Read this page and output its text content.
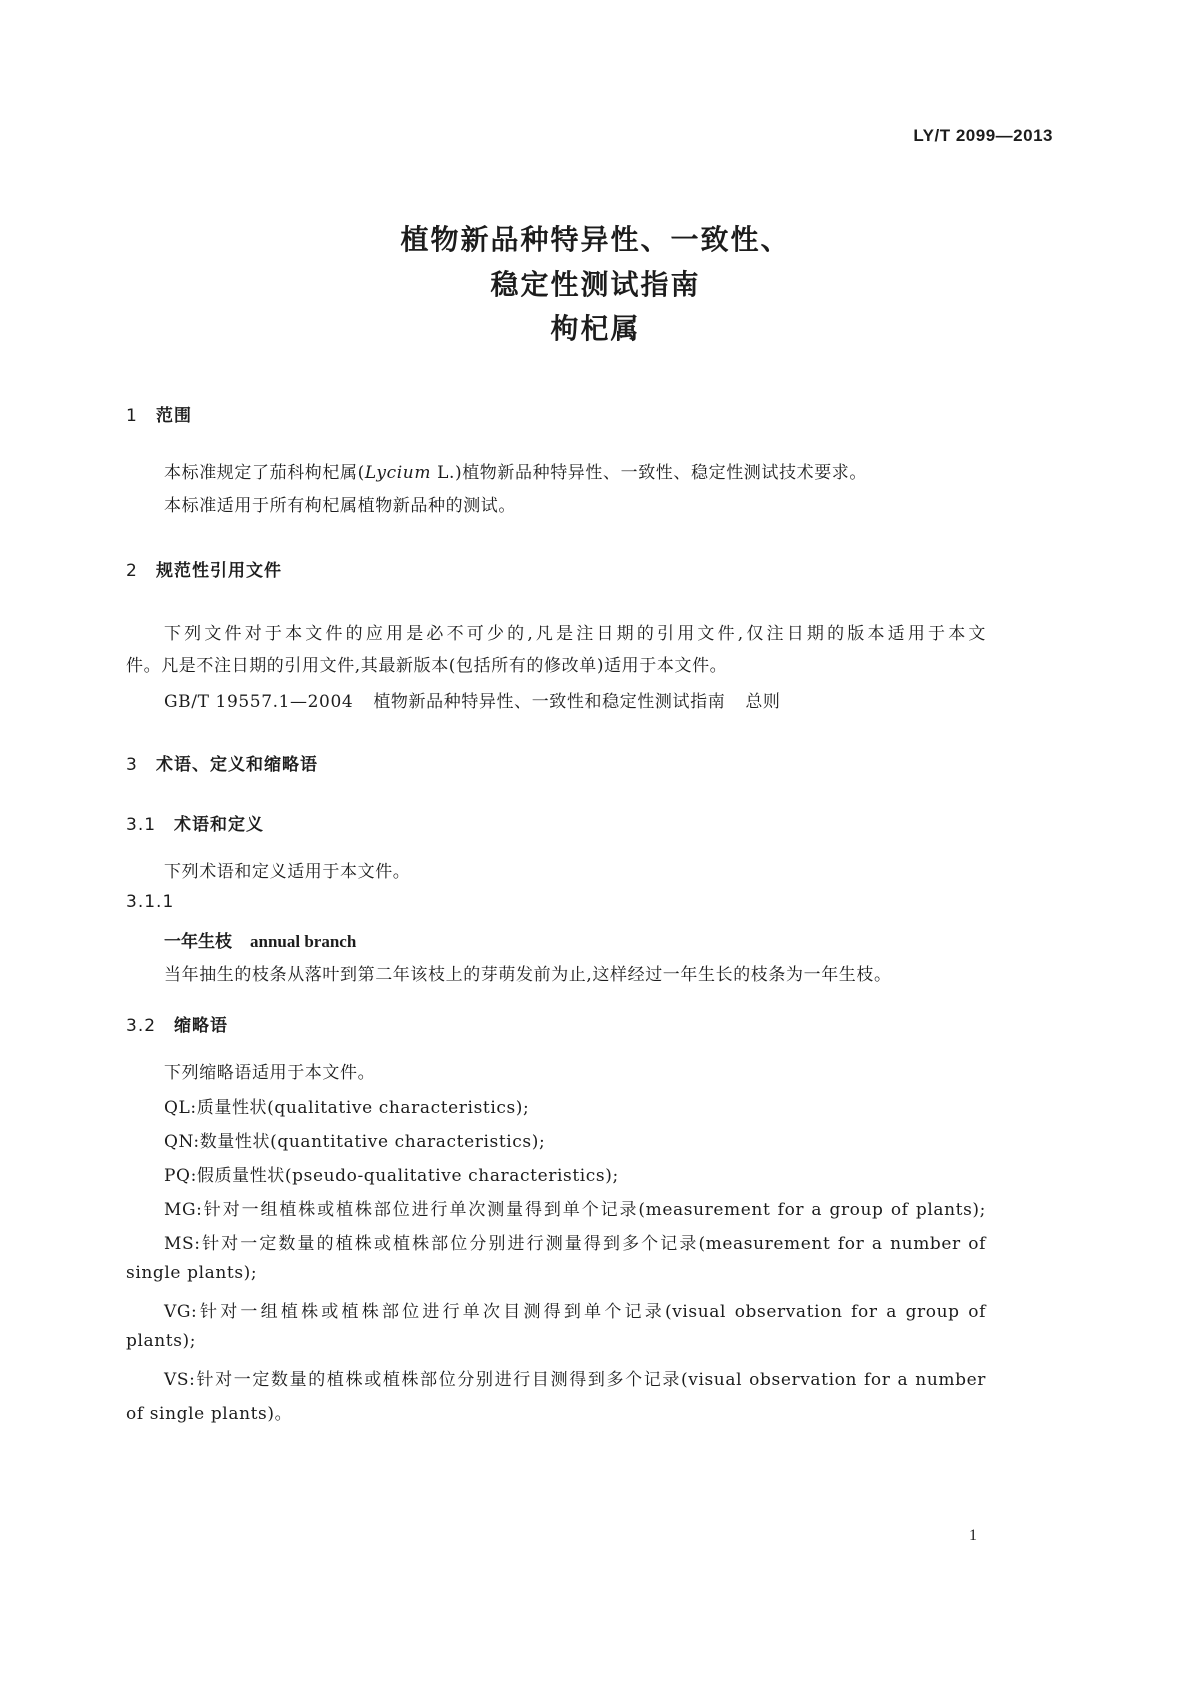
LY/T 2099—2013
植物新品种特异性、一致性、
稳定性测试指南
枸杞属
1 范围
本标准规定了茄科枸杞属(Lycium L.)植物新品种特异性、一致性、稳定性测试技术要求。
本标准适用于所有枸杞属植物新品种的测试。
2 规范性引用文件
下列文件对于本文件的应用是必不可少的,凡是注日期的引用文件,仅注日期的版本适用于本文
件。凡是不注日期的引用文件,其最新版本(包括所有的修改单)适用于本文件。
GB/T 19557.1—2004 植物新品种特异性、一致性和稳定性测试指南 总则
3 术语、定义和缩略语
3.1 术语和定义
下列术语和定义适用于本文件。
3.1.1
一年生枝 annual branch
当年抽生的枝条从落叶到第二年该枝上的芽萌发前为止,这样经过一年生长的枝条为一年生枝。
3.2 缩略语
下列缩略语适用于本文件。
QL:质量性状(qualitative characteristics);
QN:数量性状(quantitative characteristics);
PQ:假质量性状(pseudo-qualitative characteristics);
MG:针对一组植株或植株部位进行单次测量得到单个记录(measurement for a group of plants);
MS:针对一定数量的植株或植株部位分别进行测量得到多个记录(measurement for a number of
single plants);
VG:针对一组植株或植株部位进行单次目测得到单个记录(visual observation for a group of
plants);
VS:针对一定数量的植株或植株部位分别进行目测得到多个记录(visual observation for a number
of single plants)。
1
